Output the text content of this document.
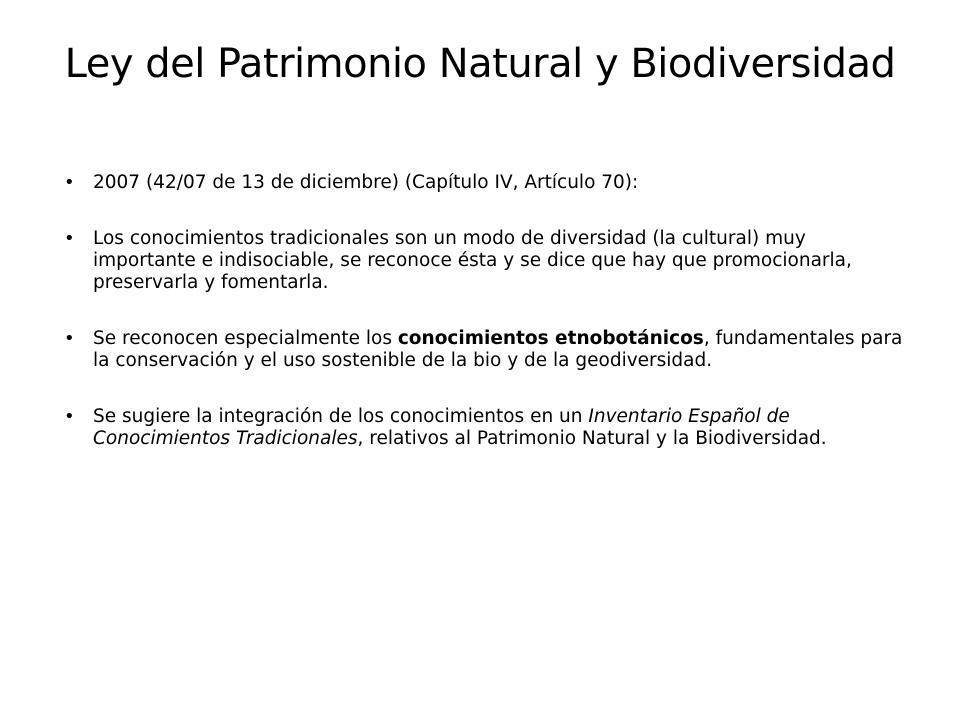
Ley del Patrimonio Natural y Biodiversidad
• 2007 (42/07 de 13 de diciembre) (Capítulo IV, Artículo 70):
• Los conocimientos tradicionales son un modo de diversidad (la cultural) muy importante e indisociable, se reconoce ésta y se dice que hay que promocionarla, preservarla y fomentarla.
• Se reconocen especialmente los conocimientos etnobotánicos, fundamentales para la conservación y el uso sostenible de la bio y de la geodiversidad.
• Se sugiere la integración de los conocimientos en un Inventario Español de Conocimientos Tradicionales, relativos al Patrimonio Natural y la Biodiversidad.
